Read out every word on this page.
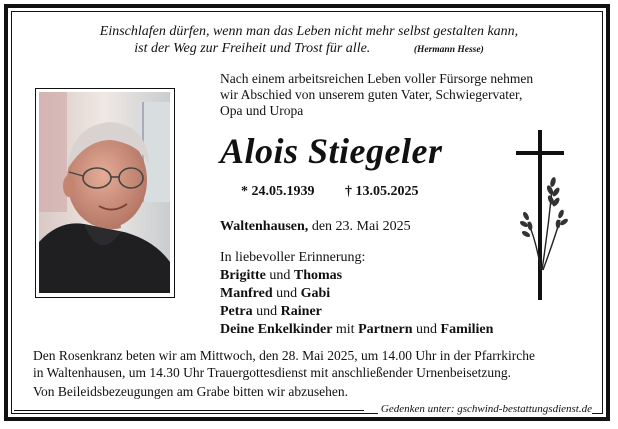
Einschlafen dürfen, wenn man das Leben nicht mehr selbst gestalten kann,
ist der Weg zur Freiheit und Trost für alle.	(Hermann Hesse)
Nach einem arbeitsreichen Leben voller Fürsorge nehmen
wir Abschied von unserem guten Vater, Schwiegervater,
Opa und Uropa
Alois Stiegeler
* 24.05.1939 † 13.05.2025
Waltenhausen, den 23. Mai 2025
In liebevoller Erinnerung:
Brigitte und Thomas
Manfred und Gabi
Petra und Rainer
Deine Enkelkinder mit Partnern und Familien
Den Rosenkranz beten wir am Mittwoch, den 28. Mai 2025, um 14.00 Uhr in der Pfarrkirche
in Waltenhausen, um 14.30 Uhr Trauergottesdienst mit anschließender Urnenbeisetzung.
Von Beileidsbezeugungen am Grabe bitten wir abzusehen.
Gedenken unter: gschwind-bestattungsdienst.de
